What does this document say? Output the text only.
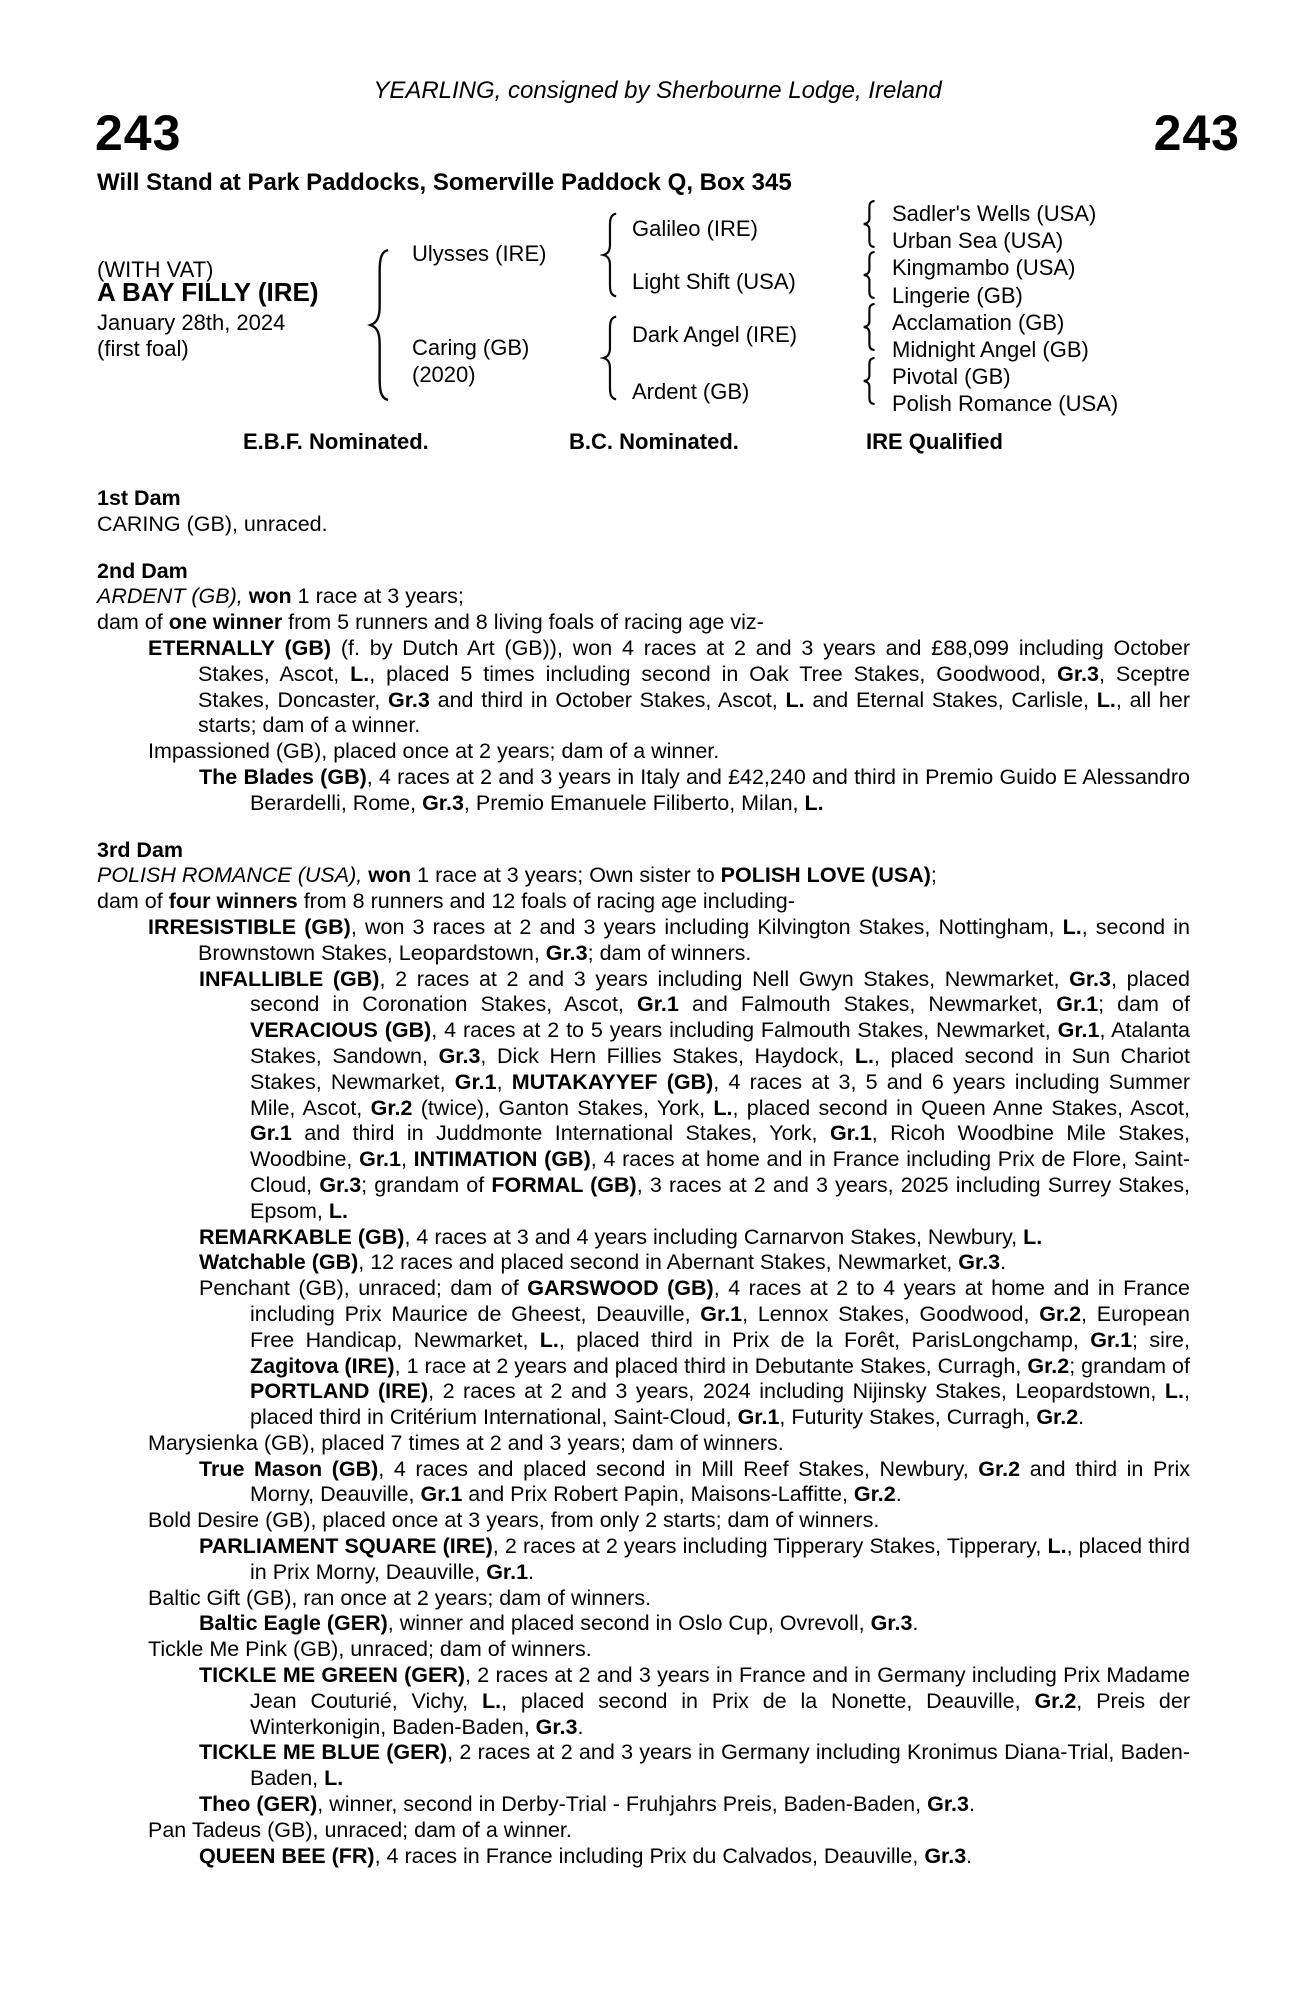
YEARLING, consigned by Sherbourne Lodge, Ireland
243	243
Will Stand at Park Paddocks, Somerville Paddock Q, Box 345
(WITH VAT)
A BAY FILLY (IRE)
January 28th, 2024
(first foal)
Ulysses (IRE)
Caring (GB)
(2020)
Galileo (IRE)
Light Shift (USA)
Dark Angel (IRE)
Ardent (GB)
Sadler's Wells (USA)
Urban Sea (USA)
Kingmambo (USA)
Lingerie (GB)
Acclamation (GB)
Midnight Angel (GB)
Pivotal (GB)
Polish Romance (USA)
E.B.F. Nominated.	B.C. Nominated.	IRE Qualified
1st Dam
CARING (GB), unraced.
2nd Dam
ARDENT (GB), won 1 race at 3 years;
dam of one winner from 5 runners and 8 living foals of racing age viz-
ETERNALLY (GB) (f. by Dutch Art (GB)), won 4 races at 2 and 3 years and £88,099 including October Stakes, Ascot, L., placed 5 times including second in Oak Tree Stakes, Goodwood, Gr.3, Sceptre Stakes, Doncaster, Gr.3 and third in October Stakes, Ascot, L. and Eternal Stakes, Carlisle, L., all her starts; dam of a winner.
Impassioned (GB), placed once at 2 years; dam of a winner.
The Blades (GB), 4 races at 2 and 3 years in Italy and £42,240 and third in Premio Guido E Alessandro Berardelli, Rome, Gr.3, Premio Emanuele Filiberto, Milan, L.
3rd Dam
POLISH ROMANCE (USA), won 1 race at 3 years; Own sister to POLISH LOVE (USA);
dam of four winners from 8 runners and 12 foals of racing age including-
IRRESISTIBLE (GB), won 3 races at 2 and 3 years including Kilvington Stakes, Nottingham, L., second in Brownstown Stakes, Leopardstown, Gr.3; dam of winners.
INFALLIBLE (GB), 2 races at 2 and 3 years including Nell Gwyn Stakes, Newmarket, Gr.3, placed second in Coronation Stakes, Ascot, Gr.1 and Falmouth Stakes, Newmarket, Gr.1; dam of VERACIOUS (GB), 4 races at 2 to 5 years including Falmouth Stakes, Newmarket, Gr.1, Atalanta Stakes, Sandown, Gr.3, Dick Hern Fillies Stakes, Haydock, L., placed second in Sun Chariot Stakes, Newmarket, Gr.1, MUTAKAYYEF (GB), 4 races at 3, 5 and 6 years including Summer Mile, Ascot, Gr.2 (twice), Ganton Stakes, York, L., placed second in Queen Anne Stakes, Ascot, Gr.1 and third in Juddmonte International Stakes, York, Gr.1, Ricoh Woodbine Mile Stakes, Woodbine, Gr.1, INTIMATION (GB), 4 races at home and in France including Prix de Flore, Saint-Cloud, Gr.3; grandam of FORMAL (GB), 3 races at 2 and 3 years, 2025 including Surrey Stakes, Epsom, L.
REMARKABLE (GB), 4 races at 3 and 4 years including Carnarvon Stakes, Newbury, L.
Watchable (GB), 12 races and placed second in Abernant Stakes, Newmarket, Gr.3.
Penchant (GB), unraced; dam of GARSWOOD (GB), 4 races at 2 to 4 years at home and in France including Prix Maurice de Gheest, Deauville, Gr.1, Lennox Stakes, Goodwood, Gr.2, European Free Handicap, Newmarket, L., placed third in Prix de la Forêt, ParisLongchamp, Gr.1; sire, Zagitova (IRE), 1 race at 2 years and placed third in Debutante Stakes, Curragh, Gr.2; grandam of PORTLAND (IRE), 2 races at 2 and 3 years, 2024 including Nijinsky Stakes, Leopardstown, L., placed third in Critérium International, Saint-Cloud, Gr.1, Futurity Stakes, Curragh, Gr.2.
Marysienka (GB), placed 7 times at 2 and 3 years; dam of winners.
True Mason (GB), 4 races and placed second in Mill Reef Stakes, Newbury, Gr.2 and third in Prix Morny, Deauville, Gr.1 and Prix Robert Papin, Maisons-Laffitte, Gr.2.
Bold Desire (GB), placed once at 3 years, from only 2 starts; dam of winners.
PARLIAMENT SQUARE (IRE), 2 races at 2 years including Tipperary Stakes, Tipperary, L., placed third in Prix Morny, Deauville, Gr.1.
Baltic Gift (GB), ran once at 2 years; dam of winners.
Baltic Eagle (GER), winner and placed second in Oslo Cup, Ovrevoll, Gr.3.
Tickle Me Pink (GB), unraced; dam of winners.
TICKLE ME GREEN (GER), 2 races at 2 and 3 years in France and in Germany including Prix Madame Jean Couturié, Vichy, L., placed second in Prix de la Nonette, Deauville, Gr.2, Preis der Winterkonigin, Baden-Baden, Gr.3.
TICKLE ME BLUE (GER), 2 races at 2 and 3 years in Germany including Kronimus Diana-Trial, Baden-Baden, L.
Theo (GER), winner, second in Derby-Trial - Fruhjahrs Preis, Baden-Baden, Gr.3.
Pan Tadeus (GB), unraced; dam of a winner.
QUEEN BEE (FR), 4 races in France including Prix du Calvados, Deauville, Gr.3.
